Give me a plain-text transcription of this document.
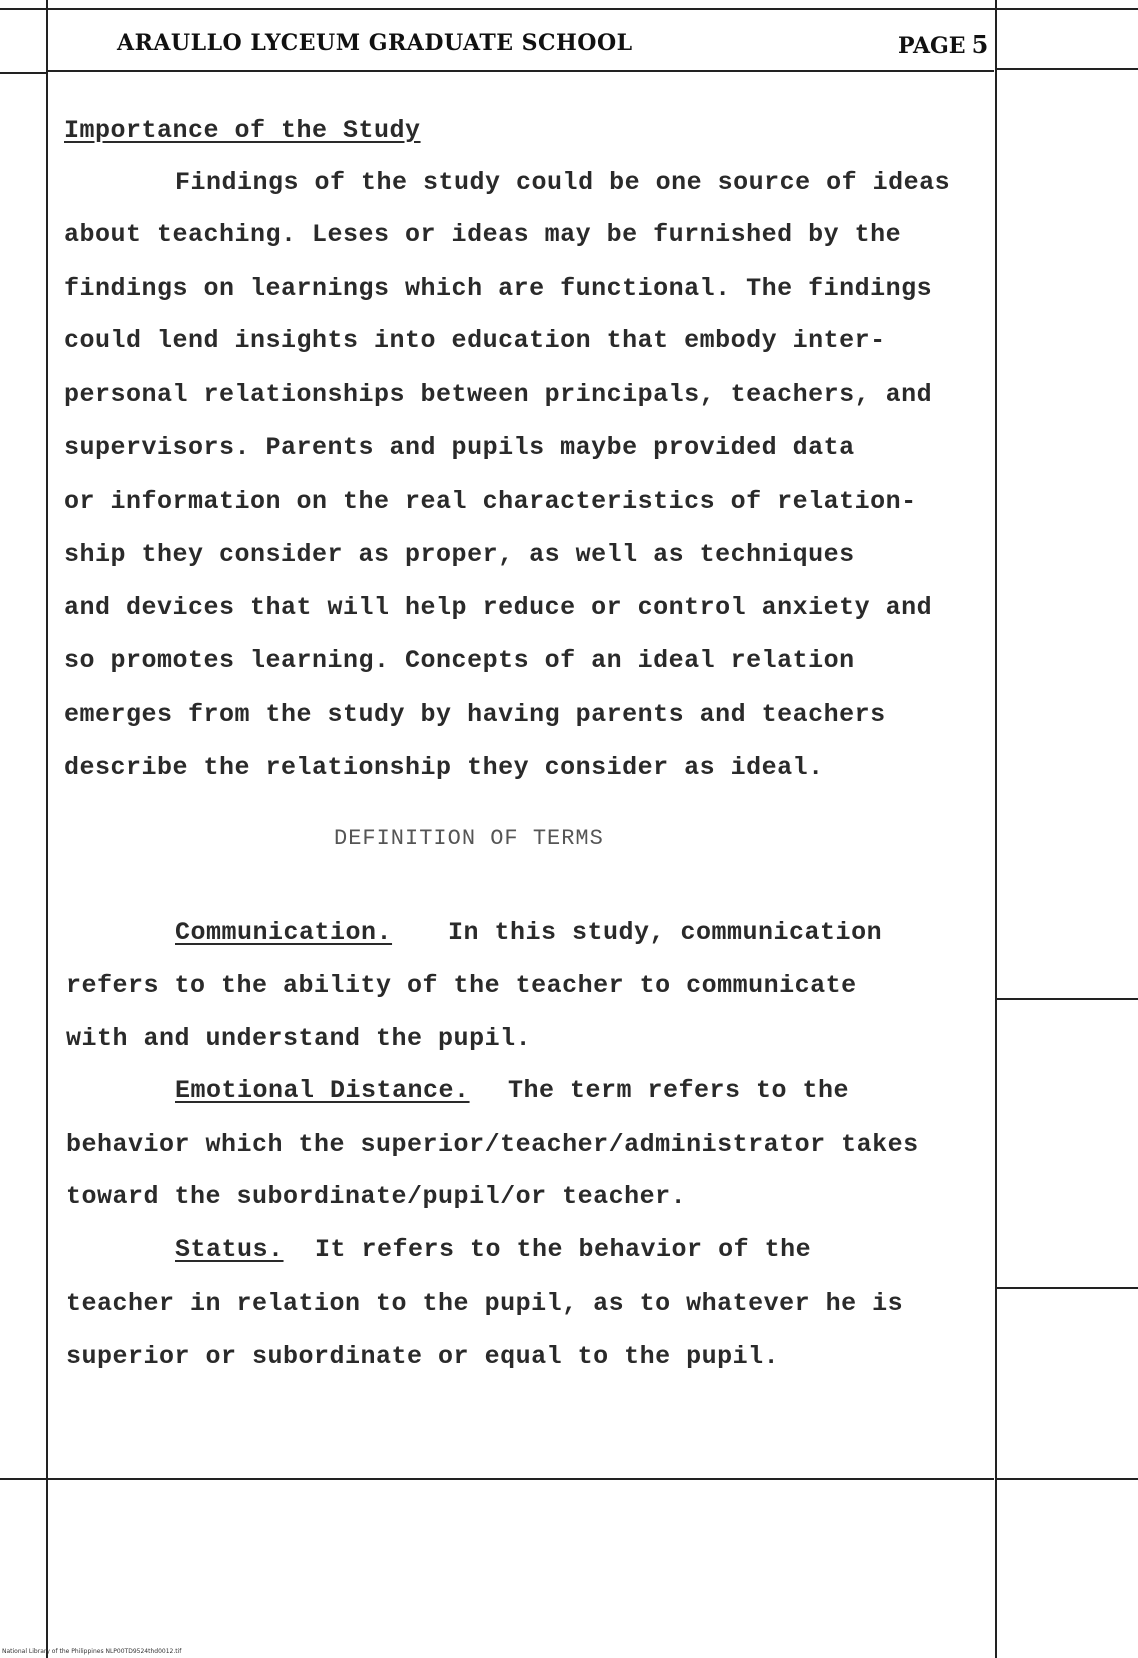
ARAULLO LYCEUM GRADUATE SCHOOL	PAGE 5
Importance of the Study
Findings of the study could be one source of ideas
about teaching. Leses or ideas may be furnished by the
findings on learnings which are functional. The findings
could lend insights into education that embody inter-
personal relationships between principals, teachers, and
supervisors. Parents and pupils maybe provided data
or information on the real characteristics of relation-
ship they consider as proper, as well as techniques
and devices that will help reduce or control anxiety and
so promotes learning. Concepts of an ideal relation
emerges from the study by having parents and teachers
describe the relationship they consider as ideal.
DEFINITION OF TERMS
Communication. In this study, communication
refers to the ability of the teacher to communicate
with and understand the pupil.
Emotional Distance. The term refers to the
behavior which the superior/teacher/administrator takes
toward the subordinate/pupil/or teacher.
Status. It refers to the behavior of the
teacher in relation to the pupil, as to whatever he is
superior or subordinate or equal to the pupil.
National Library of the Philippines NLP00TD9524thd0012.tif
